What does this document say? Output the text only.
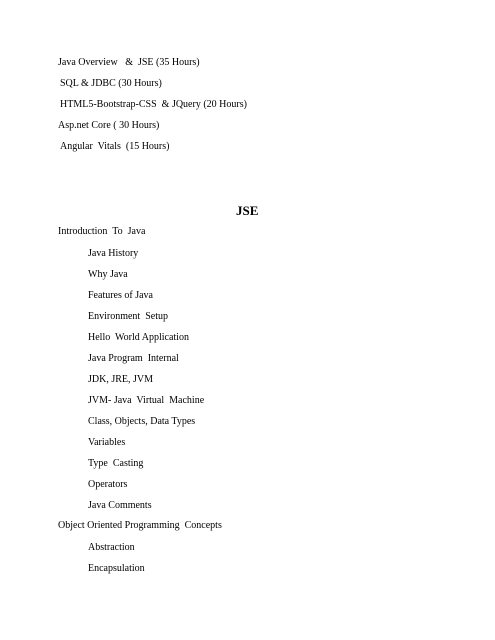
Java Overview   &  JSE (35 Hours)
SQL & JDBC (30 Hours)
HTML5-Bootstrap-CSS  & JQuery (20 Hours)
Asp.net Core ( 30 Hours)
Angular  Vitals  (15 Hours)
JSE
Introduction  To  Java
Java History
Why Java
Features of Java
Environment  Setup
Hello  World Application
Java Program  Internal
JDK, JRE, JVM
JVM- Java  Virtual  Machine
Class, Objects, Data Types
Variables
Type  Casting
Operators
Java Comments
Object Oriented Programming  Concepts
Abstraction
Encapsulation
